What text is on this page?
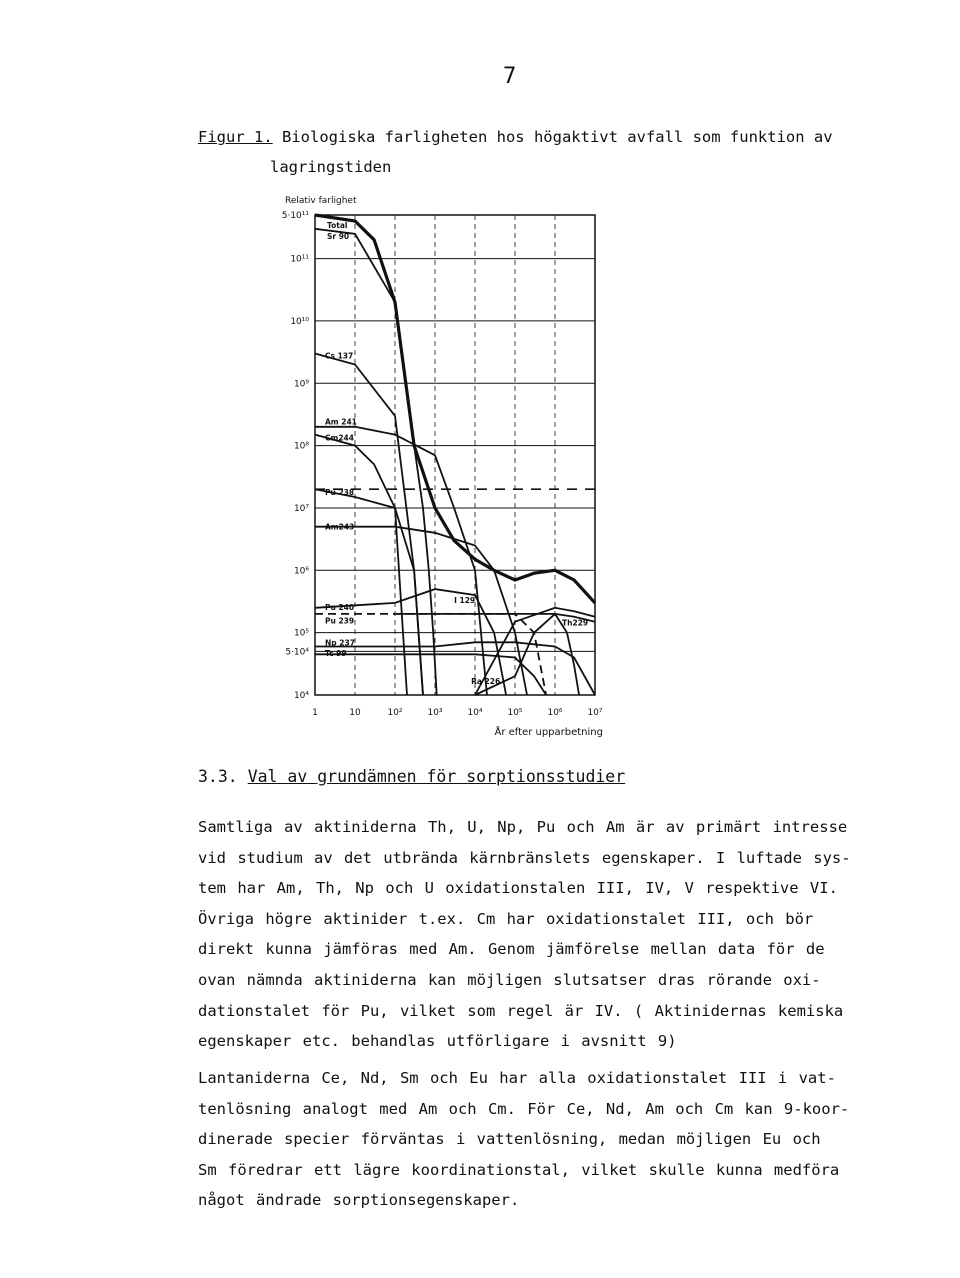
7
Figur 1. Biologiska farligheten hos högaktivt avfall som funktion av
lagringstiden
5·10¹¹
10¹¹
10¹⁰
10⁹
10⁸
10⁷
10⁶
10⁵
5·10⁴
10⁴
1	10	10²	10³	10⁴	10⁵	10⁶	10⁷
Relativ farlighet
År efter upparbetning
Total
Sr 90
Cs 137
Am 241
Cm244
Pu 238
Am243
Pu 240
Pu 239
I 129
Th229
Np 237
Tc 99
Ra 226
3.3. Val av grundämnen för sorptionsstudier

Samtliga av aktiniderna Th, U, Np, Pu och Am är av primärt intresse

vid studium av det utbrända kärnbränslets egenskaper. I luftade sys-

tem har Am, Th, Np och U oxidationstalen III, IV, V respektive VI.

Övriga högre aktinider t.ex. Cm har oxidationstalet III, och bör

direkt kunna jämföras med Am. Genom jämförelse mellan data för de

ovan nämnda aktiniderna kan möjligen slutsatser dras rörande oxi-

dationstalet för Pu, vilket som regel är IV. ( Aktinidernas kemiska

egenskaper etc. behandlas utförligare i avsnitt 9)

Lantaniderna Ce, Nd, Sm och Eu har alla oxidationstalet III i vat-

tenlösning analogt med Am och Cm. För Ce, Nd, Am och Cm kan 9-koor-

dinerade specier förväntas i vattenlösning, medan möjligen Eu och

Sm föredrar ett lägre koordinationstal, vilket skulle kunna medföra

något ändrade sorptionsegenskaper.
